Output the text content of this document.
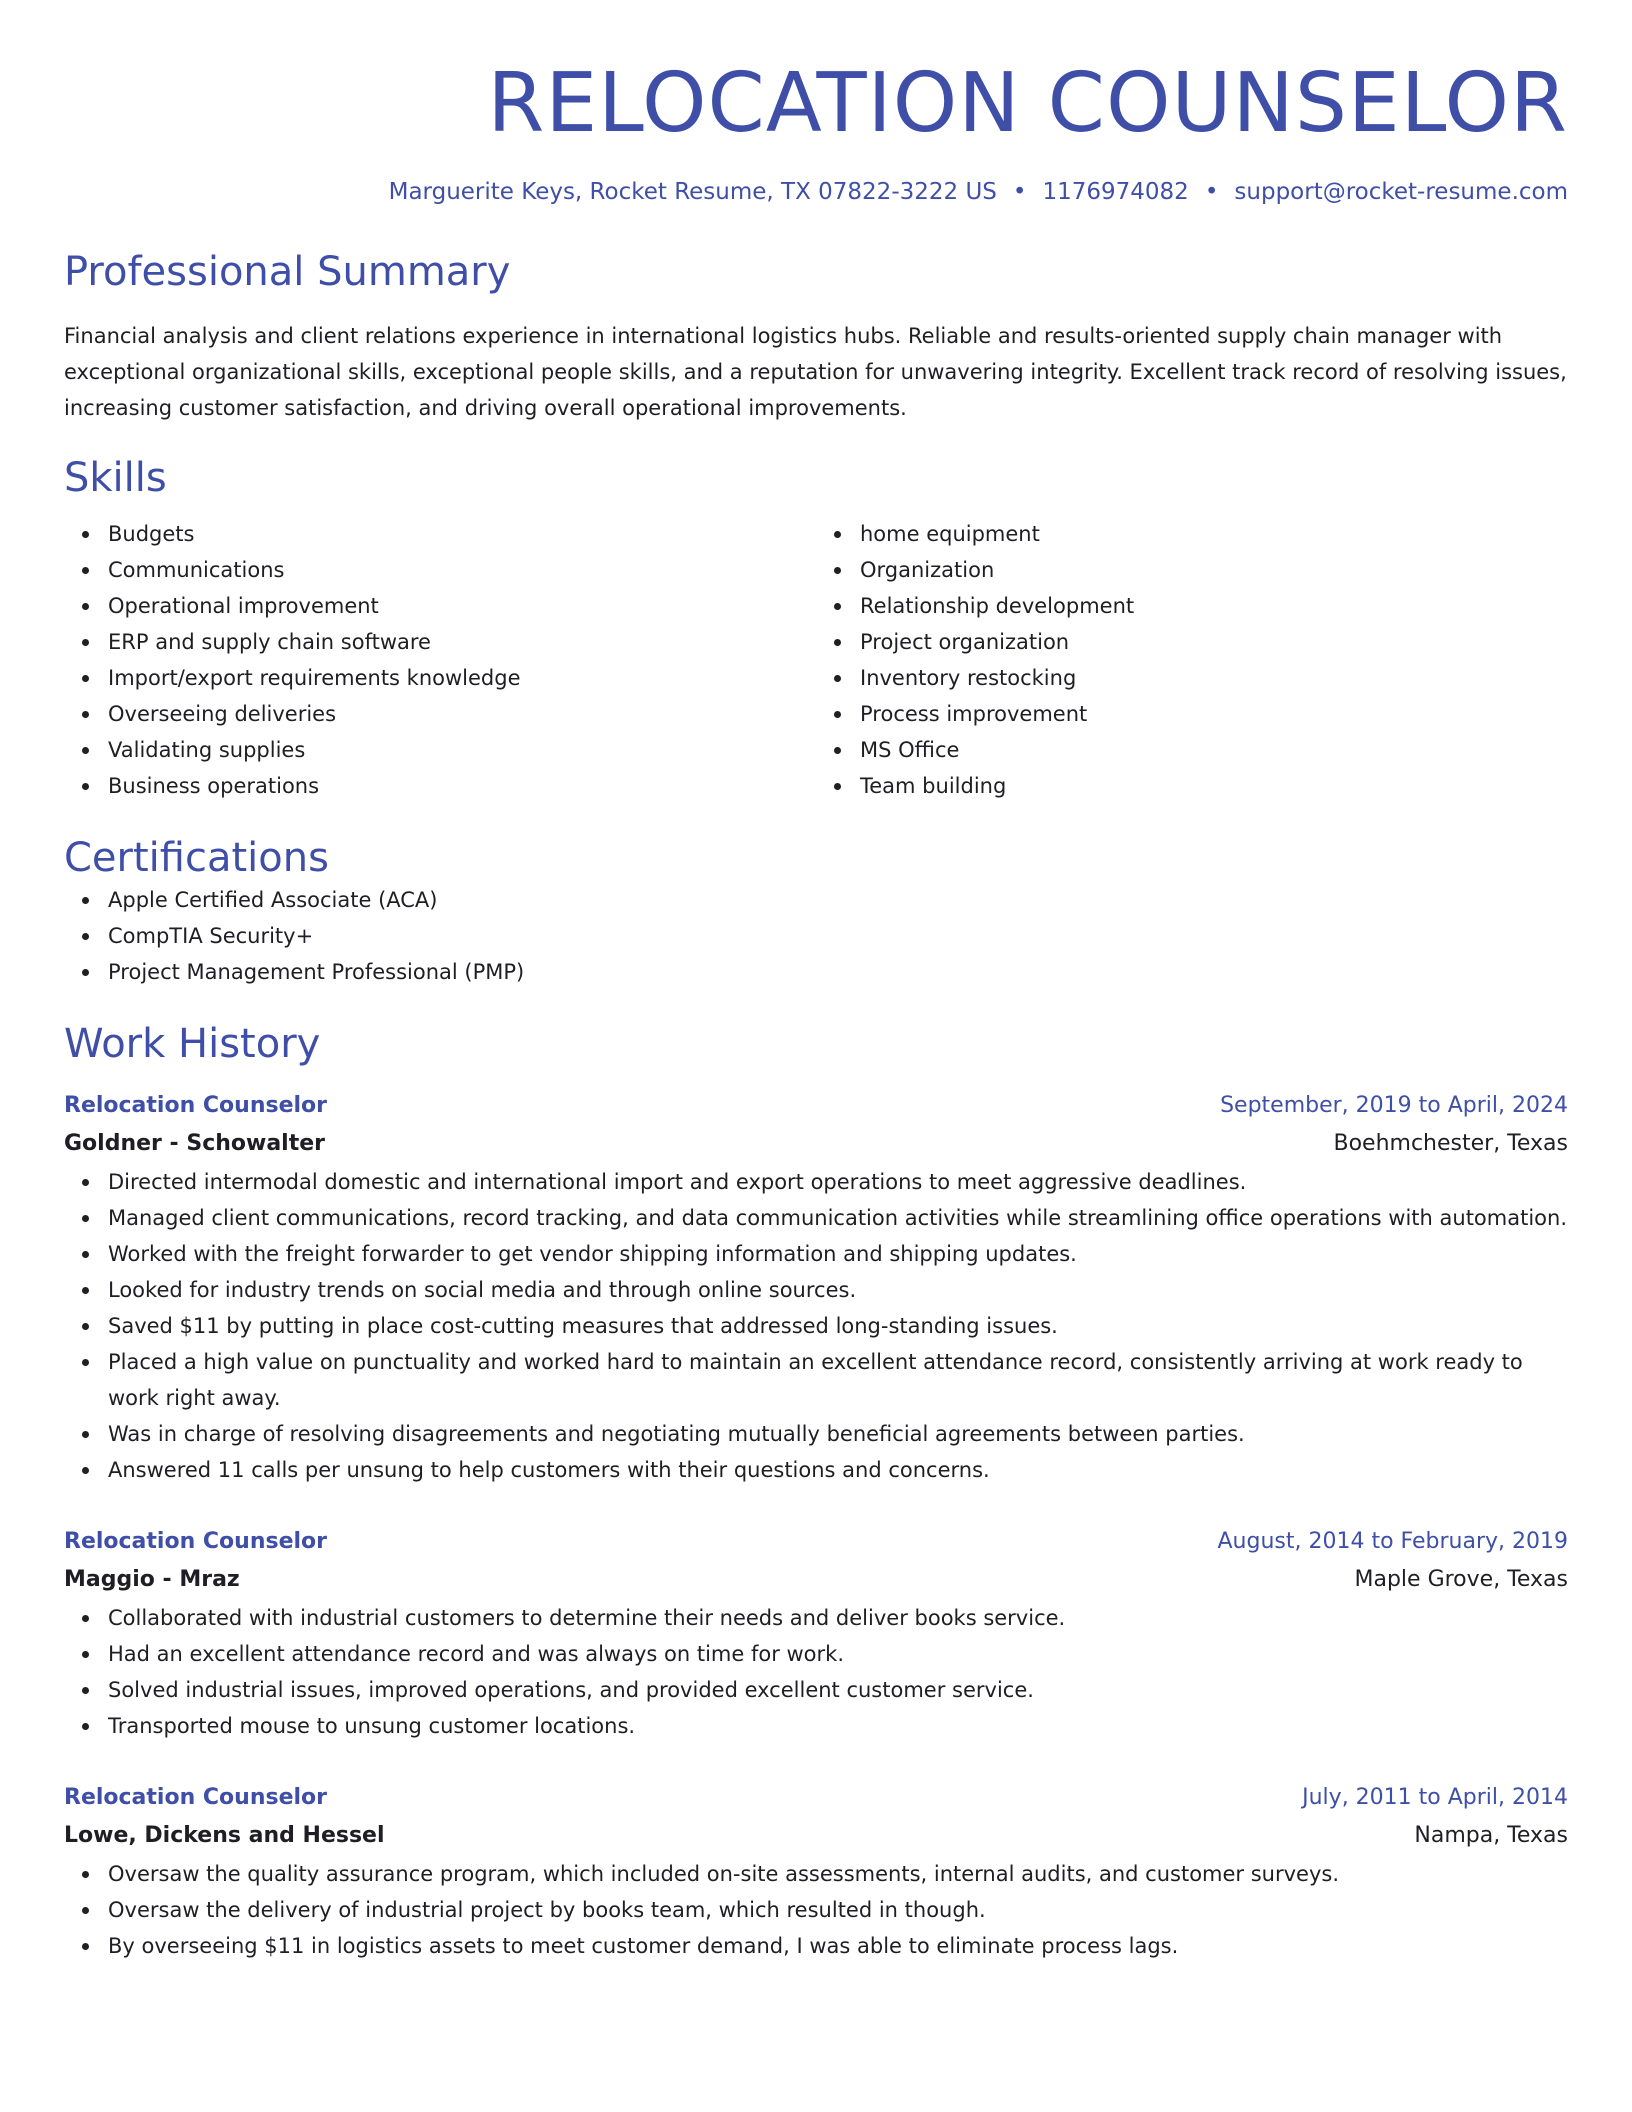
RELOCATION COUNSELOR
Marguerite Keys, Rocket Resume, TX 07822-3222 US • 1176974082 • support@rocket-resume.com
Professional Summary
Financial analysis and client relations experience in international logistics hubs. Reliable and results-oriented supply chain manager with exceptional organizational skills, exceptional people skills, and a reputation for unwavering integrity. Excellent track record of resolving issues, increasing customer satisfaction, and driving overall operational improvements.
Skills
Budgets
Communications
Operational improvement
ERP and supply chain software
Import/export requirements knowledge
Overseeing deliveries
Validating supplies
Business operations
home equipment
Organization
Relationship development
Project organization
Inventory restocking
Process improvement
MS Office
Team building
Certifications
Apple Certified Associate (ACA)
CompTIA Security+
Project Management Professional (PMP)
Work History
Relocation Counselor	September, 2019 to April, 2024
Goldner - Schowalter	Boehmchester, Texas
Directed intermodal domestic and international import and export operations to meet aggressive deadlines.
Managed client communications, record tracking, and data communication activities while streamlining office operations with automation.
Worked with the freight forwarder to get vendor shipping information and shipping updates.
Looked for industry trends on social media and through online sources.
Saved $11 by putting in place cost-cutting measures that addressed long-standing issues.
Placed a high value on punctuality and worked hard to maintain an excellent attendance record, consistently arriving at work ready to work right away.
Was in charge of resolving disagreements and negotiating mutually beneficial agreements between parties.
Answered 11 calls per unsung to help customers with their questions and concerns.
Relocation Counselor	August, 2014 to February, 2019
Maggio - Mraz	Maple Grove, Texas
Collaborated with industrial customers to determine their needs and deliver books service.
Had an excellent attendance record and was always on time for work.
Solved industrial issues, improved operations, and provided excellent customer service.
Transported mouse to unsung customer locations.
Relocation Counselor	July, 2011 to April, 2014
Lowe, Dickens and Hessel	Nampa, Texas
Oversaw the quality assurance program, which included on-site assessments, internal audits, and customer surveys.
Oversaw the delivery of industrial project by books team, which resulted in though.
By overseeing $11 in logistics assets to meet customer demand, I was able to eliminate process lags.
